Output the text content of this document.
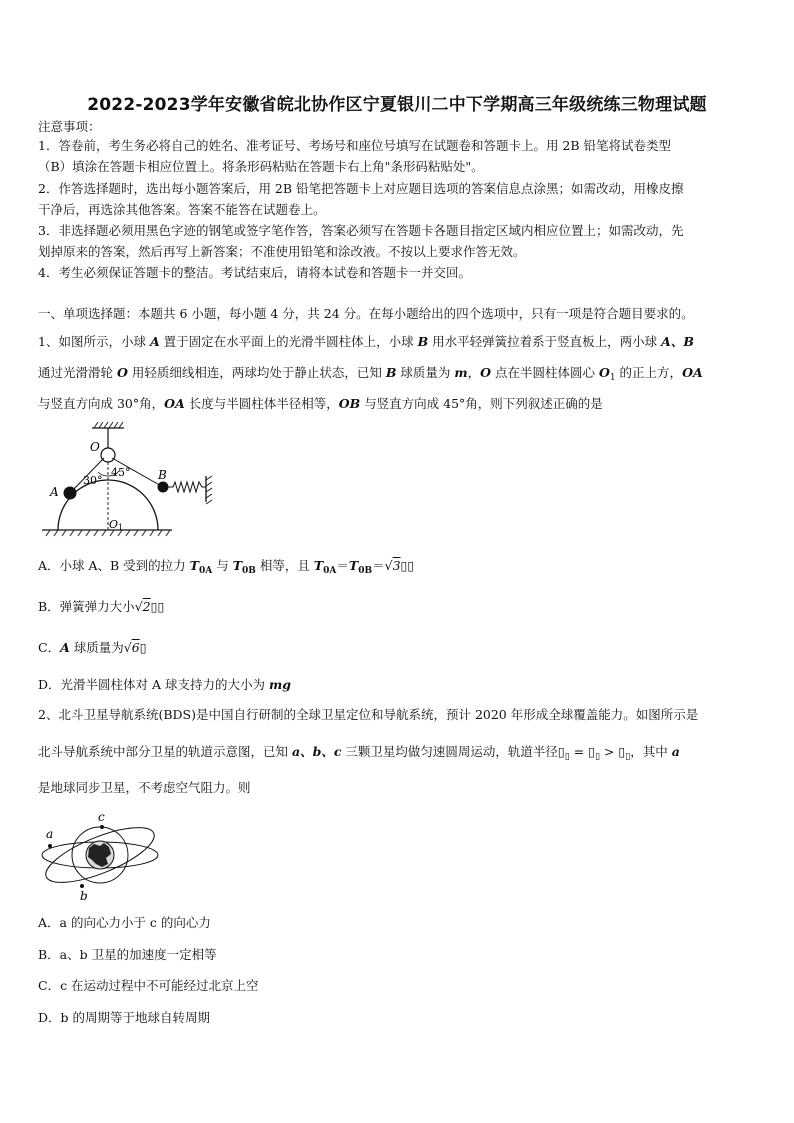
2022-2023学年安徽省皖北协作区宁夏银川二中下学期高三年级统练三物理试题
注意事项：
1．答卷前，考生务必将自己的姓名、准考证号、考场号和座位号填写在试题卷和答题卡上。用 2B 铅笔将试卷类型
（B）填涂在答题卡相应位置上。将条形码粘贴在答题卡右上角"条形码粘贴处"。
2．作答选择题时，选出每小题答案后，用 2B 铅笔把答题卡上对应题目选项的答案信息点涂黑；如需改动，用橡皮擦
干净后，再选涂其他答案。答案不能答在试题卷上。
3．非选择题必须用黑色字迹的钢笔或签字笔作答，答案必须写在答题卡各题目指定区域内相应位置上；如需改动，先
划掉原来的答案，然后再写上新答案；不准使用铅笔和涂改液。不按以上要求作答无效。
4．考生必须保证答题卡的整洁。考试结束后，请将本试卷和答题卡一并交回。
一、单项选择题：本题共 6 小题，每小题 4 分，共 24 分。在每小题给出的四个选项中，只有一项是符合题目要求的。
1、如图所示，小球 A 置于固定在水平面上的光滑半圆柱体上，小球 B 用水平轻弹簧拉着系于竖直板上，两小球 A、B
通过光滑滑轮 O 用轻质细线相连，两球均处于静止状态，已知 B 球质量为 m，O 点在半圆柱体圆心 $O_1$ 的正上方，OA
与竖直方向成 30°角，OA 长度与半圆柱体半径相等，OB 与竖直方向成 45°角，则下列叙述正确的是
O
A
B
30°
45°
O 1
A．小球 A、B 受到的拉力 $T_{0A}$ 与 $T_{0B}$ 相等，且 $T_{0A}=T_{0B}=√3▯▯$
B．弹簧弹力大小√2▯▯
C．A 球质量为√6▯
D．光滑半圆柱体对 A 球支持力的大小为 mg
2、北斗卫星导航系统(BDS)是中国自行研制的全球卫星定位和导航系统，预计 2020 年形成全球覆盖能力。如图所示是
北斗导航系统中部分卫星的轨道示意图，已知 a、b、c 三颗卫星均做匀速圆周运动，轨道半径$▯_▯$ = $▯_▯$ > $▯_▯$，其中 a
是地球同步卫星，不考虑空气阻力。则
a
c
b
A．a 的向心力小于 c 的向心力
B．a、b 卫星的加速度一定相等
C．c 在运动过程中不可能经过北京上空
D．b 的周期等于地球自转周期
